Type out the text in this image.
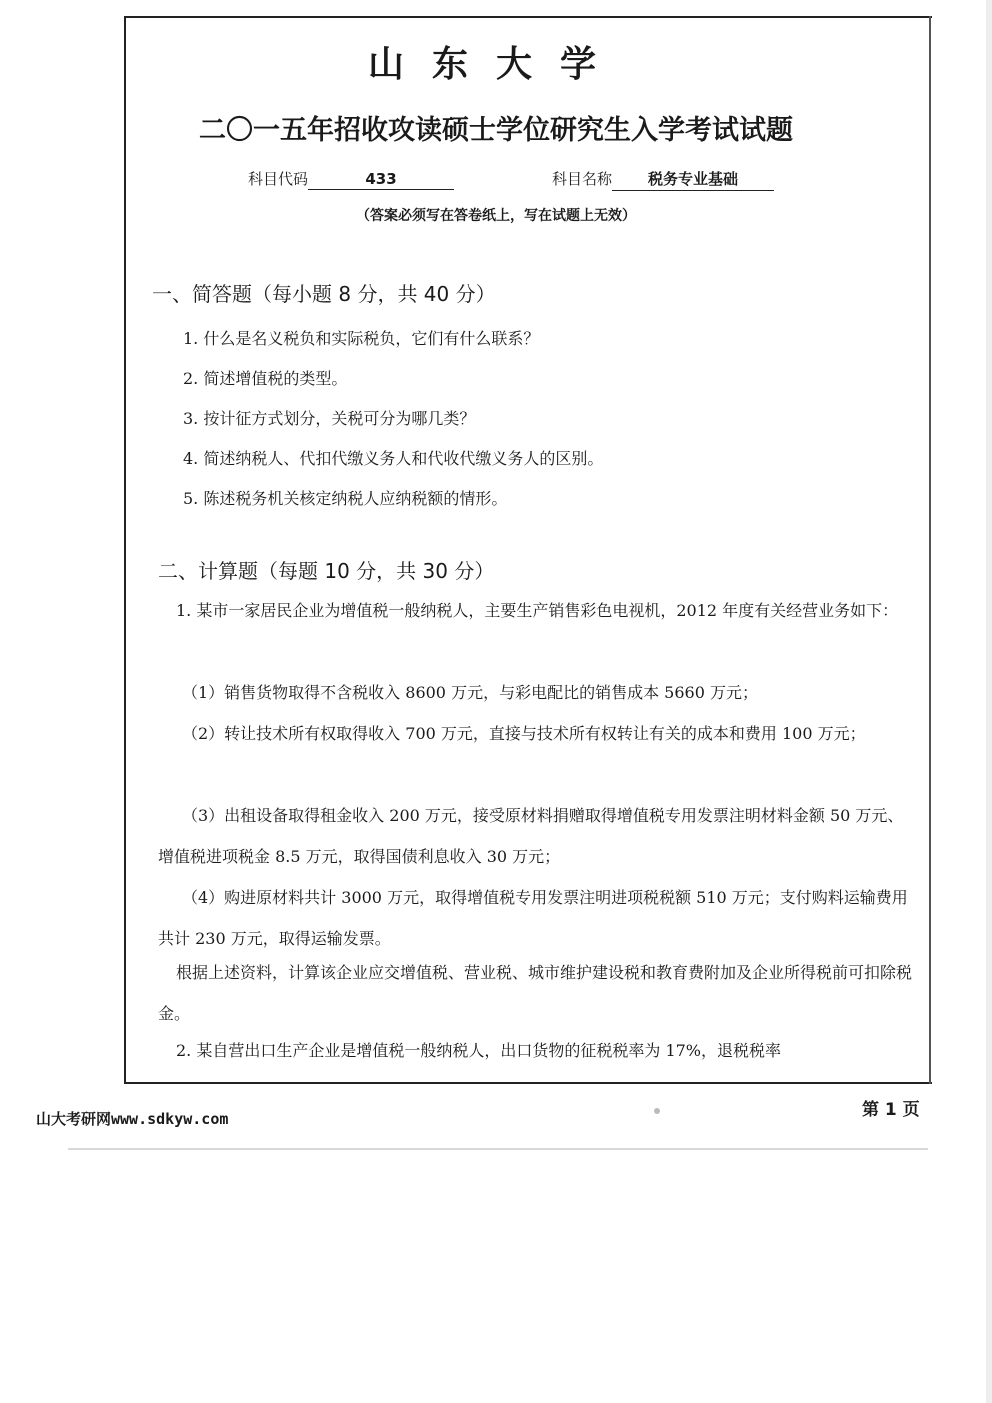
山东大学
二〇一五年招收攻读硕士学位研究生入学考试试题
科目代码	433	科目名称 税务专业基础
（答案必须写在答卷纸上，写在试题上无效）
一、简答题（每小题 8 分，共 40 分）
1. 什么是名义税负和实际税负，它们有什么联系？
2. 简述增值税的类型。
3. 按计征方式划分，关税可分为哪几类？
4. 简述纳税人、代扣代缴义务人和代收代缴义务人的区别。
5. 陈述税务机关核定纳税人应纳税额的情形。
二、计算题（每题 10 分，共 30 分）
1. 某市一家居民企业为增值税一般纳税人，主要生产销售彩色电视机，2012 年度有关经营业务如下：
（1）销售货物取得不含税收入 8600 万元，与彩电配比的销售成本 5660 万元；
（2）转让技术所有权取得收入 700 万元，直接与技术所有权转让有关的成本和费用 100 万元；
（3）出租设备取得租金收入 200 万元，接受原材料捐赠取得增值税专用发票注明材料金额 50 万元、增值税进项税金 8.5 万元，取得国债利息收入 30 万元；
（4）购进原材料共计 3000 万元，取得增值税专用发票注明进项税税额 510 万元；支付购料运输费用共计 230 万元，取得运输发票。
根据上述资料，计算该企业应交增值税、营业税、城市维护建设税和教育费附加及企业所得税前可扣除税金。
2. 某自营出口生产企业是增值税一般纳税人，出口货物的征税税率为 17%，退税税率
山大考研网www.sdkyw.com	第 1 页
